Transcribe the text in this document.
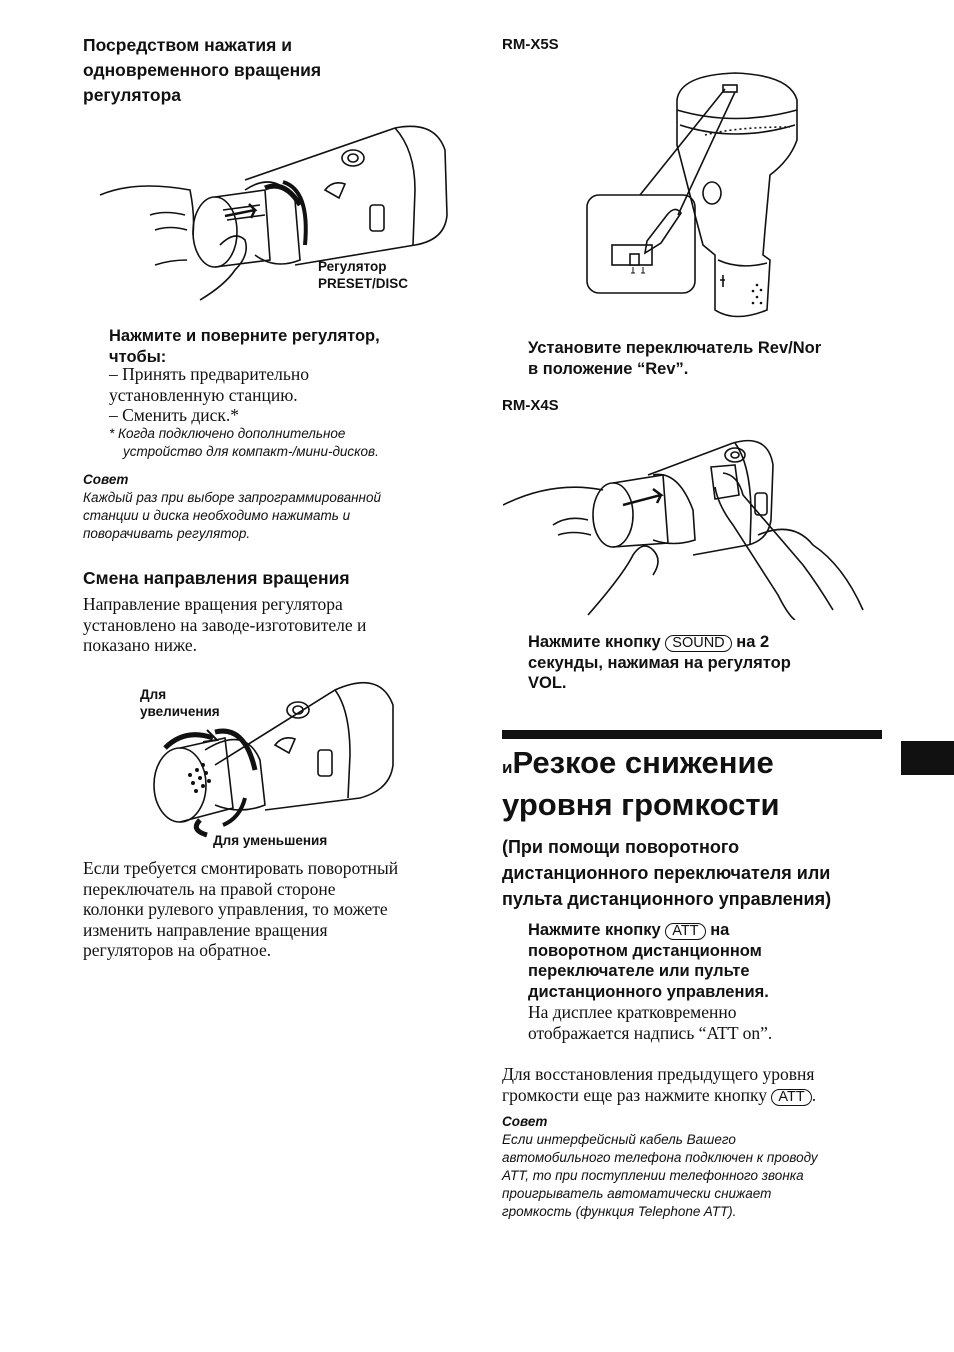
Посредством нажатия и
одновременного вращения
регулятора
Регулятор
PRESET/DISC
Нажмите и поверните регулятор,
чтобы:
– Принять предварительно
установленную станцию.
– Сменить диск.*
* Когда подключено дополнительное
устройство для компакт-/мини-дисков.
Совет
Каждый раз при выборе запрограммированной
станции и диска необходимо нажимать и
поворачивать регулятор.
Смена направления вращения
Направление вращения регулятора
установлено на заводе-изготовителе и
показано ниже.
Для
увеличения
Для уменьшения
Если требуется смонтировать поворотный
переключатель на правой стороне
колонки рулевого управления, то можете
изменить направление вращения
регуляторов на обратное.
RM-X5S
Установите переключатель Rev/Nor
в положение “Rev”.
RM-X4S
Нажмите кнопку SOUND на 2
секунды, нажимая на регулятор
VOL.
иРезкое снижение
уровня громкости
(При помощи поворотного
дистанционного переключателя или
пульта дистанционного управления)
Нажмите кнопку ATT на
поворотном дистанционном
переключателе или пульте
дистанционного управления.
На дисплее кратковременно
отображается надпись “ATT on”.
Для восстановления предыдущего уровня
громкости еще раз нажмите кнопку ATT .
Совет
Если интерфейсный кабель Вашего
автомобильного телефона подключен к проводу
ATT, то при поступлении телефонного звонка
проигрыватель автоматически снижает
громкость (функция Telephone ATT).
